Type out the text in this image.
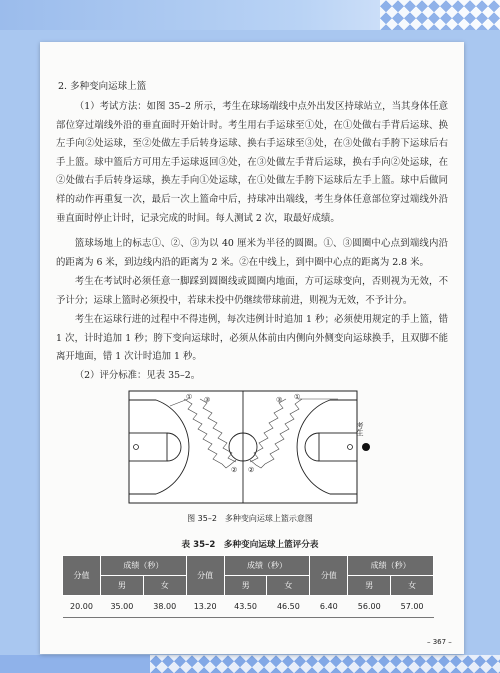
2. 多种变向运球上篮
（1）考试方法：如图 35–2 所示，考生在球场端线中点外出发区持球站立，当其身体任意部位穿过端线外沿的垂直面时开始计时。考生用右手运球至①处，在①处做右手背后运球、换左手向②处运球，至②处做左手后转身运球、换右手运球至③处，在③处做右手胯下运球后右手上篮。球中篮后方可用左手运球返回③处，在③处做左手背后运球，换右手向②处运球，在②处做右手后转身运球，换左手向①处运球，在①处做左手胯下运球后左手上篮。球中后做同样的动作再重复一次，最后一次上篮命中后，持球冲出端线，考生身体任意部位穿过端线外沿垂直面时停止计时，记录完成的时间。每人测试 2 次，取最好成绩。
篮球场地上的标志①、②、③为以 40 厘米为半径的圆圈。①、③圆圈中心点到端线内沿的距离为 6 米，到边线内沿的距离为 2 米。②在中线上，到中圈中心点的距离为 2.8 米。
考生在考试时必须任意一脚踩到圆圈线或圆圈内地面，方可运球变向，否则视为无效，不予计分；运球上篮时必须投中，若球未投中仍继续带球前进，则视为无效，不予计分。
考生在运球行进的过程中不得违例，每次违例计时追加 1 秒；必须使用规定的手上篮，错 1 次，计时追加 1 秒；胯下变向运球时，必须从体前由内侧向外侧变向运球换手，且双脚不能离开地面，错 1 次计时追加 1 秒。
（2）评分标准：见表 35–2。
① ③
②
①
③
②
考生
图 35–2　多种变向运球上篮示意图
表 35–2　多种变向运球上篮评分表
分值	成绩（秒）		分值	成绩（秒）		分值	成绩（秒）	
	男	女		男	女		男	女
20.00	35.00	38.00	13.20	43.50	46.50	6.40	56.00	57.00
– 367 –
